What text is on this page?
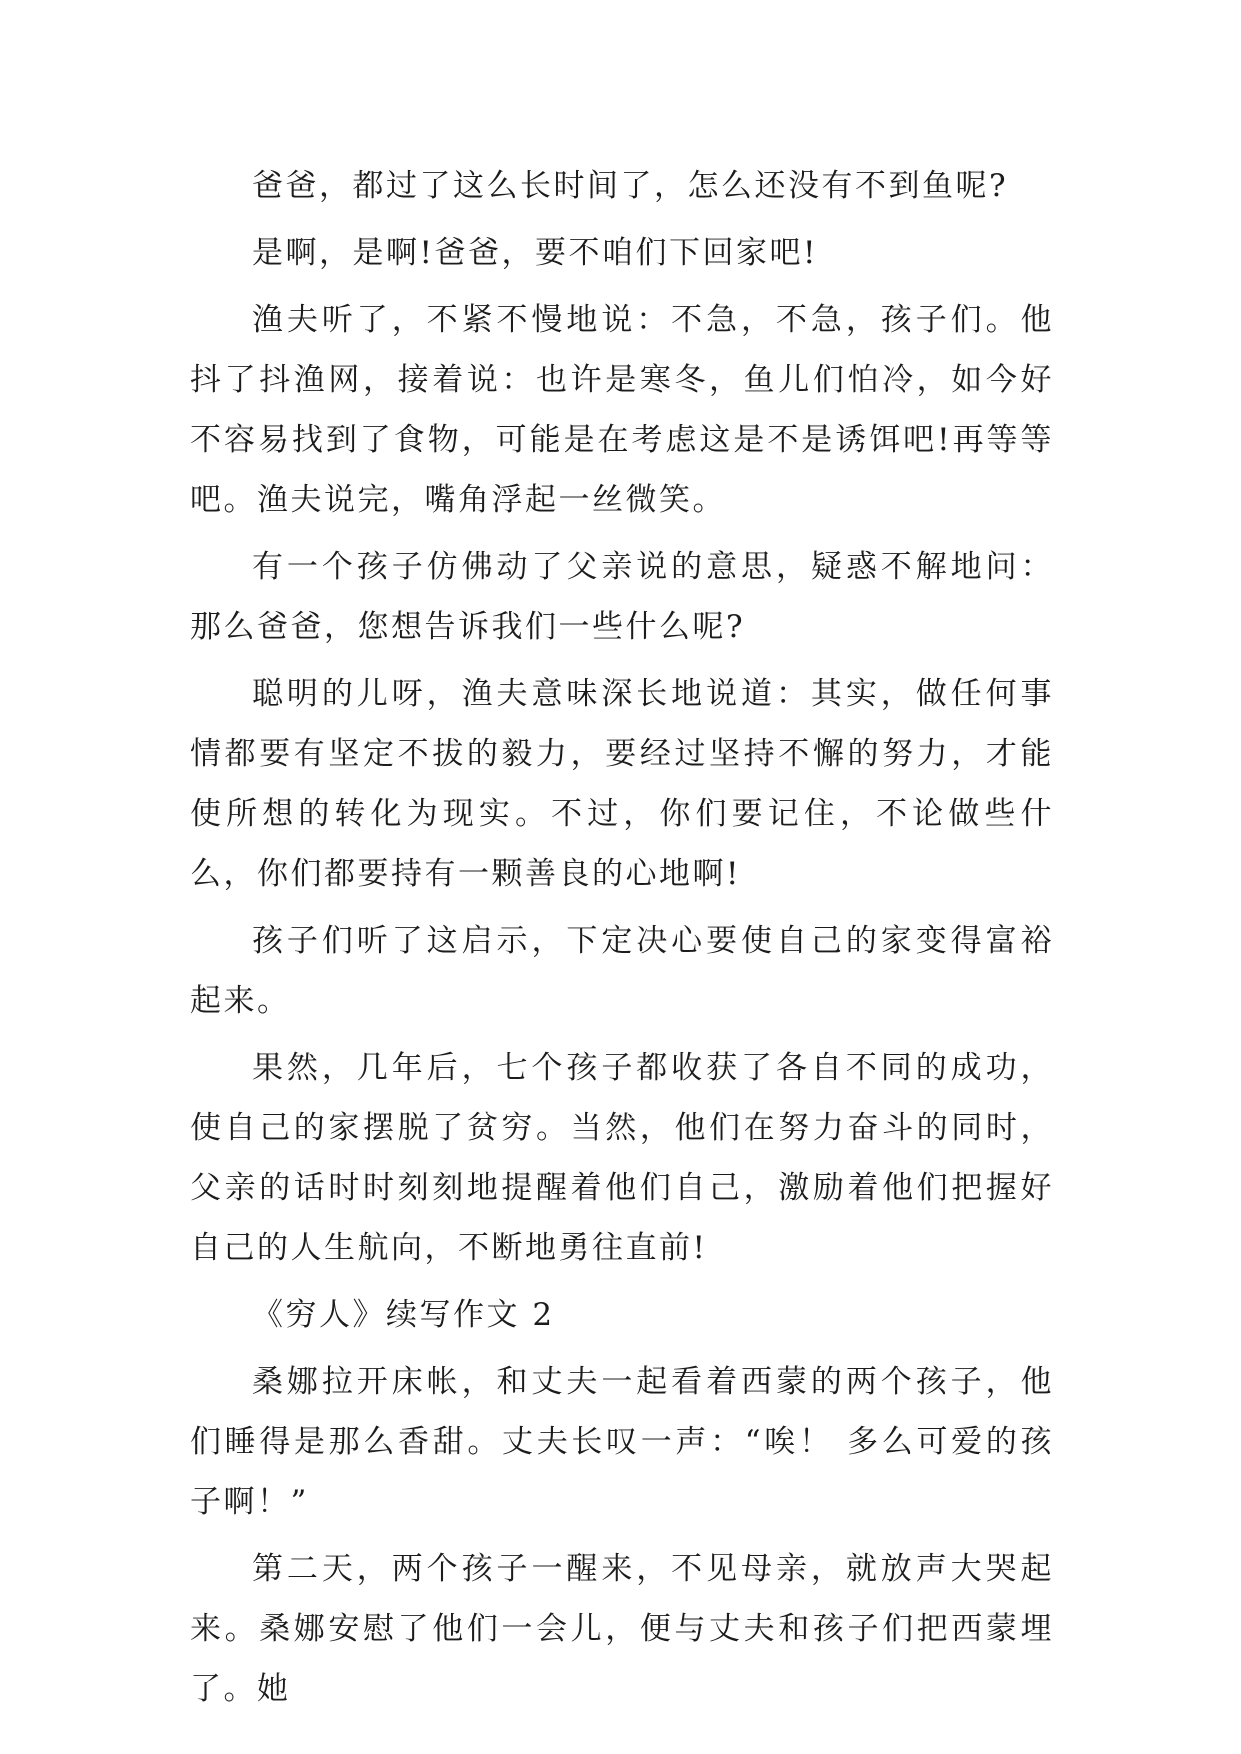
爸爸，都过了这么长时间了，怎么还没有不到鱼呢?

是啊，是啊!爸爸，要不咱们下回家吧!

渔夫听了，不紧不慢地说：不急，不急，孩子们。他抖了抖渔网，接着说：也许是寒冬，鱼儿们怕冷，如今好不容易找到了食物，可能是在考虑这是不是诱饵吧!再等等吧。渔夫说完，嘴角浮起一丝微笑。

有一个孩子仿佛动了父亲说的意思，疑惑不解地问：那么爸爸，您想告诉我们一些什么呢?

聪明的儿呀，渔夫意味深长地说道：其实，做任何事情都要有坚定不拔的毅力，要经过坚持不懈的努力，才能使所想的转化为现实。不过，你们要记住，不论做些什么，你们都要持有一颗善良的心地啊!

孩子们听了这启示，下定决心要使自己的家变得富裕起来。

果然，几年后，七个孩子都收获了各自不同的成功，使自己的家摆脱了贫穷。当然，他们在努力奋斗的同时，父亲的话时时刻刻地提醒着他们自己，激励着他们把握好自己的人生航向，不断地勇往直前!

《穷人》续写作文 2

桑娜拉开床帐，和丈夫一起看着西蒙的两个孩子，他们睡得是那么香甜。丈夫长叹一声：“唉！ 多么可爱的孩子啊！”

第二天，两个孩子一醒来，不见母亲，就放声大哭起来。桑娜安慰了他们一会儿，便与丈夫和孩子们把西蒙埋了。她
